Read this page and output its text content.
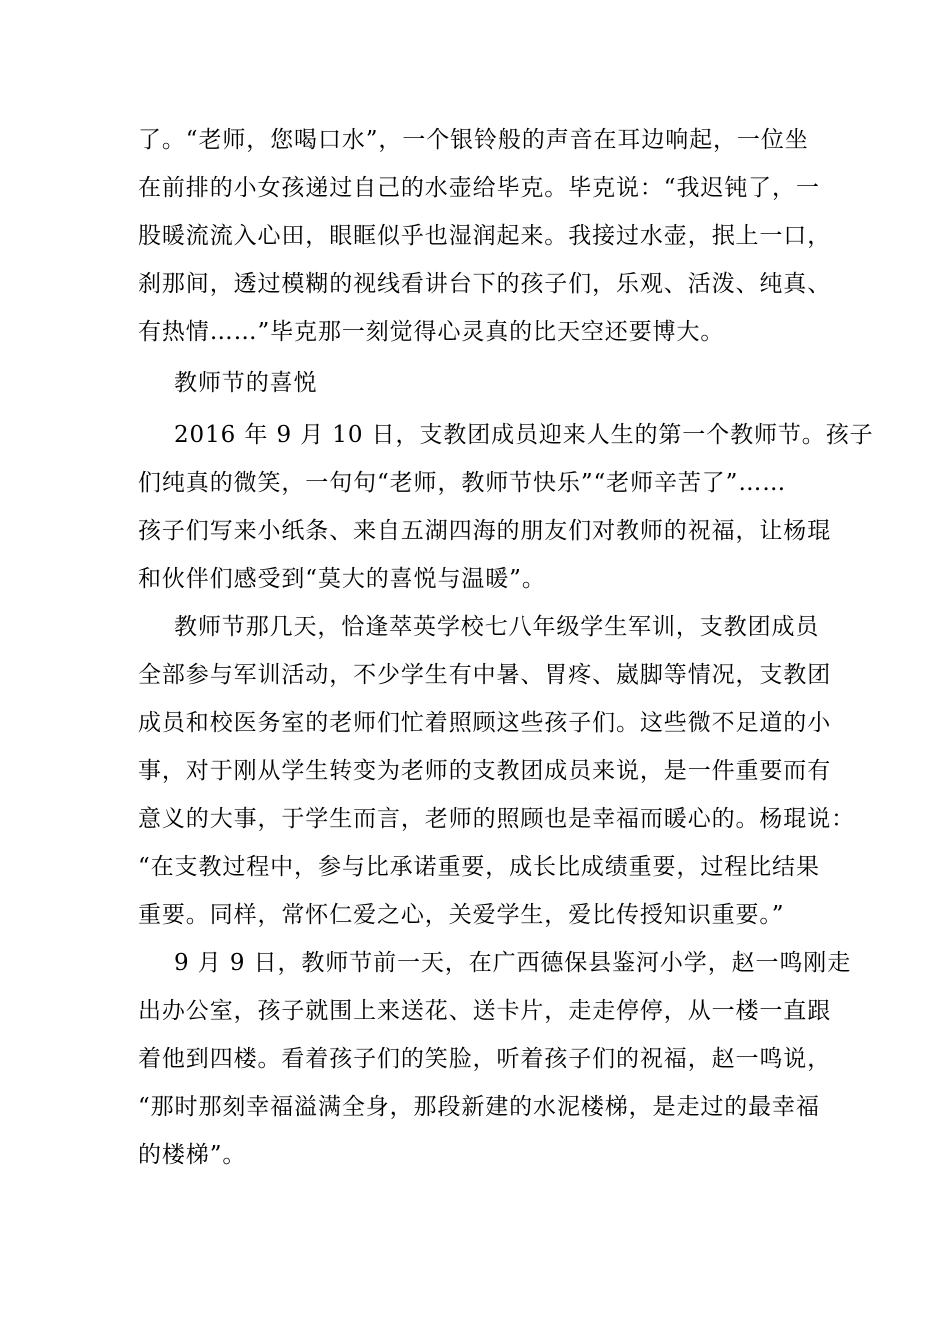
了。“老师，您喝口水”，一个银铃般的声音在耳边响起，一位坐
在前排的小女孩递过自己的水壶给毕克。毕克说：“我迟钝了，一
股暖流流入心田，眼眶似乎也湿润起来。我接过水壶，抿上一口，
刹那间，透过模糊的视线看讲台下的孩子们，乐观、活泼、纯真、
有热情……”毕克那一刻觉得心灵真的比天空还要博大。
教师节的喜悦
2016 年 9 月 10 日，支教团成员迎来人生的第一个教师节。孩子
们纯真的微笑，一句句“老师，教师节快乐”“老师辛苦了”……
孩子们写来小纸条、来自五湖四海的朋友们对教师的祝福，让杨琨
和伙伴们感受到“莫大的喜悦与温暖”。
教师节那几天，恰逢萃英学校七八年级学生军训，支教团成员
全部参与军训活动，不少学生有中暑、胃疼、崴脚等情况，支教团
成员和校医务室的老师们忙着照顾这些孩子们。这些微不足道的小
事，对于刚从学生转变为老师的支教团成员来说，是一件重要而有
意义的大事，于学生而言，老师的照顾也是幸福而暖心的。杨琨说：
“在支教过程中，参与比承诺重要，成长比成绩重要，过程比结果
重要。同样，常怀仁爱之心，关爱学生，爱比传授知识重要。”
9 月 9 日，教师节前一天，在广西德保县鉴河小学，赵一鸣刚走
出办公室，孩子就围上来送花、送卡片，走走停停，从一楼一直跟
着他到四楼。看着孩子们的笑脸，听着孩子们的祝福，赵一鸣说，
“那时那刻幸福溢满全身，那段新建的水泥楼梯，是走过的最幸福
的楼梯”。
